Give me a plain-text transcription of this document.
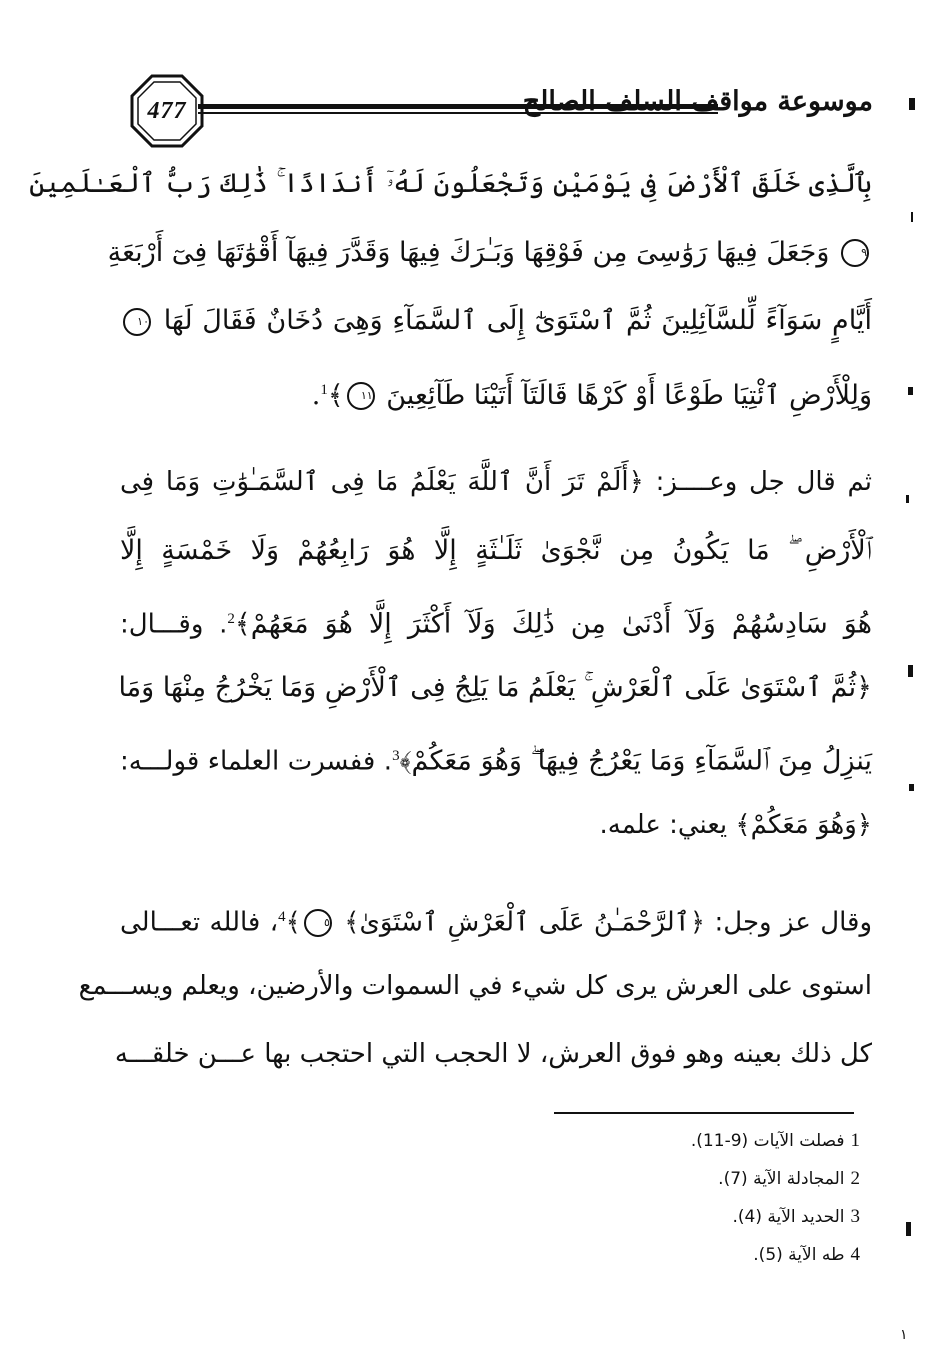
477	موسوعة مواقف السلف الصالح
بِٱلَّذِى خَلَقَ ٱلْأَرْضَ فِى يَوْمَيْنِ وَتَجْعَلُونَ لَهُۥٓ أَندَادًا ۚ ذَٰلِكَ رَبُّ ٱلْعَـٰلَمِينَ
٩ وَجَعَلَ فِيهَا رَوَٰسِىَ مِن فَوْقِهَا وَبَـٰرَكَ فِيهَا وَقَدَّرَ فِيهَآ أَقْوَٰتَهَا فِىٓ أَرْبَعَةِ
أَيَّامٍ سَوَآءً لِّلسَّآئِلِينَ ثُمَّ ٱسْتَوَىٰٓ إِلَى ٱلسَّمَآءِ وَهِىَ دُخَانٌ فَقَالَ لَهَا ١٠
وَلِلْأَرْضِ ٱئْتِيَا طَوْعًا أَوْ كَرْهًا قَالَتَآ أَتَيْنَا طَآئِعِينَ ١١﴾$^1$.
ثم قال جل وعــــز: ﴿أَلَمْ تَرَ أَنَّ ٱللَّهَ يَعْلَمُ مَا فِى ٱلسَّمَـٰوَٰتِ وَمَا فِى
ٱلْأَرْضِ ۖ مَا يَكُونُ مِن نَّجْوَىٰ ثَلَـٰثَةٍ إِلَّا هُوَ رَابِعُهُمْ وَلَا خَمْسَةٍ إِلَّا
هُوَ سَادِسُهُمْ وَلَآ أَدْنَىٰ مِن ذَٰلِكَ وَلَآ أَكْثَرَ إِلَّا هُوَ مَعَهُمْ﴾$^2$. وقـــال:
﴿ثُمَّ ٱسْتَوَىٰ عَلَى ٱلْعَرْشِ ۚ يَعْلَمُ مَا يَلِجُ فِى ٱلْأَرْضِ وَمَا يَخْرُجُ مِنْهَا وَمَا
يَنزِلُ مِنَ ٱلسَّمَآءِ وَمَا يَعْرُجُ فِيهَا ۖ وَهُوَ مَعَكُمْ﴾$^3$. ففسرت العلماء قولـــه:
﴿وَهُوَ مَعَكُمْ﴾ يعني: علمه.
وقال عز وجل: ﴿ٱلرَّحْمَـٰنُ عَلَى ٱلْعَرْشِ ٱسْتَوَىٰ﴾ ٥﴾$^4$، فالله تعـــالى
استوى على العرش يرى كل شيء في السموات والأرضين، ويعلم ويســـمع
كل ذلك بعينه وهو فوق العرش، لا الحجب التي احتجب بها عـــن خلقـــه
1فصلت الآيات (9-11).
2المجادلة الآية (7).
3الحديد الآية (4).
4طه الآية (5).
١
